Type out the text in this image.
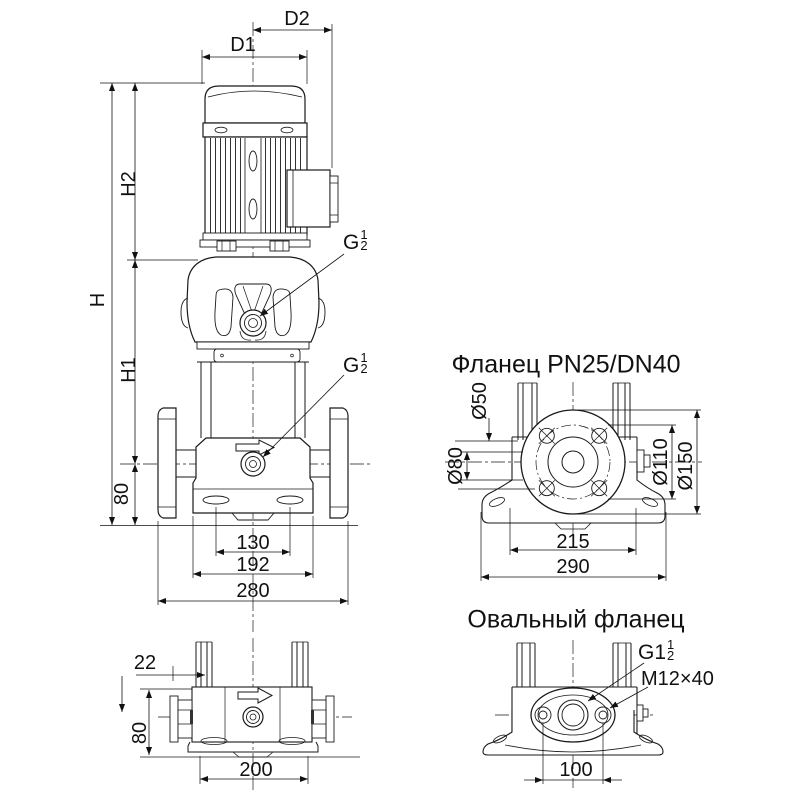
D1
D2
H
H2
H1
80
130
192
280
G 1
2
G 1
2	Фланец PN25/DN40
Ø50
Ø80	Ø110 Ø150
215
290
22
80
200
Овальный фланец
G1 1
2
M12×40
100
